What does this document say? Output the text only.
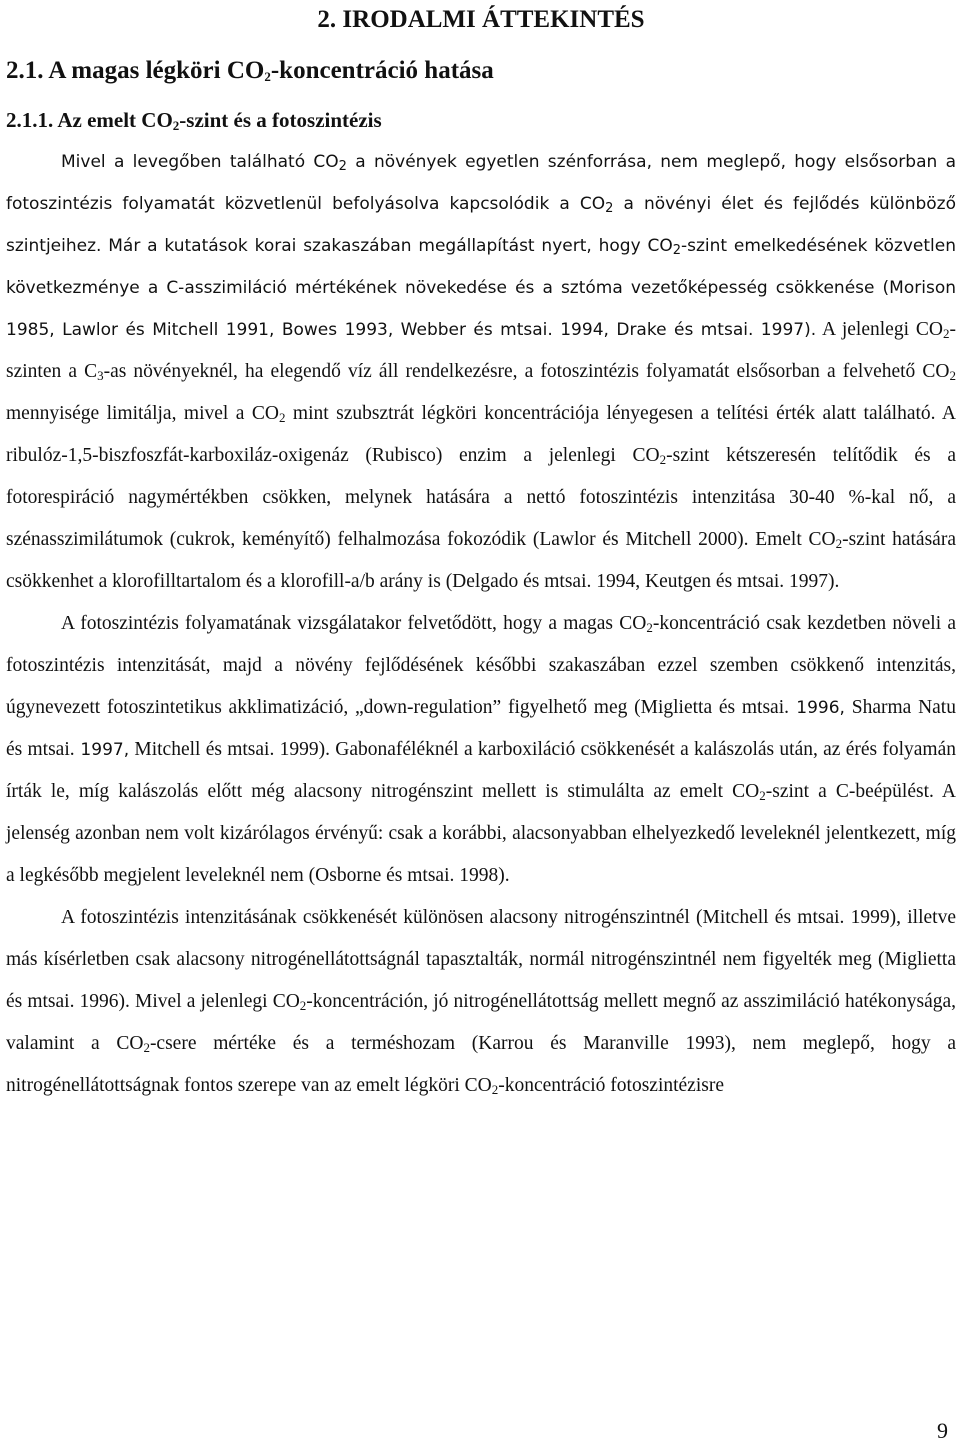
2. IRODALMI ÁTTEKINTÉS
2.1. A magas légköri $CO_2$-koncentráció hatása
2.1.1. Az emelt $CO_2$-szint és a fotoszintézis

Mivel a levegőben található $CO_2$ a növények egyetlen szénforrása, nem meglepő, hogy elsősorban a fotoszintézis folyamatát közvetlenül befolyásolva kapcsolódik a $CO_2$ a növényi élet és fejlődés különböző szintjeihez. Már a kutatások korai szakaszában megállapítást nyert, hogy $CO_2$-szint emelkedésének közvetlen következménye a C-asszimiláció mértékének növekedése és a sztóma vezetőképesség csökkenése (Morison 1985, Lawlor és Mitchell 1991, Bowes 1993, Webber és mtsai. 1994, Drake és mtsai. 1997). A jelenlegi $CO_2$-szinten a $C_3-as$ növényeknél, ha elegendő víz áll rendelkezésre, a fotoszintézis folyamatát elsősorban a felvehető $CO_2$ mennyisége limitálja, mivel a $CO_2$ mint szubsztrát légköri koncentrációja lényegesen a telítési érték alatt található. A ribulóz-1,5-biszfoszfát-karboxiláz-oxigenáz (Rubisco) enzim a jelenlegi $CO_2$-szint kétszeresén telítődik és a fotorespiráció nagymértékben csökken, melynek hatására a nettó fotoszintézis intenzitása 30-40 %-kal nő, a szénasszimilátumok (cukrok, keményítő) felhalmozása fokozódik (Lawlor és Mitchell 2000). Emelt $CO_2$-szint hatására csökkenhet a klorofilltartalom és a klorofill-a/b arány is (Delgado és mtsai. 1994, Keutgen és mtsai. 1997).

A fotoszintézis folyamatának vizsgálatakor felvetődött, hogy a magas $CO_2$-koncentráció csak kezdetben növeli a fotoszintézis intenzitását, majd a növény fejlődésének későbbi szakaszában ezzel szemben csökkenő intenzitás, úgynevezett fotoszintetikus akklimatizáció, „down-regulation” figyelhető meg (Miglietta és mtsai. 1996, Sharma Natu és mtsai. 1997, Mitchell és mtsai. 1999). Gabonaféléknél a karboxiláció csökkenését a kalászolás után, az érés folyamán írták le, míg kalászolás előtt még alacsony nitrogénszint mellett is stimulálta az emelt $CO_2$-szint a C-beépülést. A jelenség azonban nem volt kizárólagos érvényű: csak a korábbi, alacsonyabban elhelyezkedő leveleknél jelentkezett, míg a legkésőbb megjelent leveleknél nem (Osborne és mtsai. 1998).

A fotoszintézis intenzitásának csökkenését különösen alacsony nitrogénszintnél (Mitchell és mtsai. 1999), illetve más kísérletben csak alacsony nitrogénellátottságnál tapasztalták, normál nitrogénszintnél nem figyelték meg (Miglietta és mtsai. 1996). Mivel a jelenlegi $CO_2$-koncentráción, jó nitrogénellátottság mellett megnő az asszimiláció hatékonysága, valamint a $CO_2$-csere mértéke és a terméshozam (Karrou és Maranville 1993), nem meglepő, hogy a nitrogénellátottságnak fontos szerepe van az emelt légköri $CO_2$-koncentráció fotoszintézisre

9
